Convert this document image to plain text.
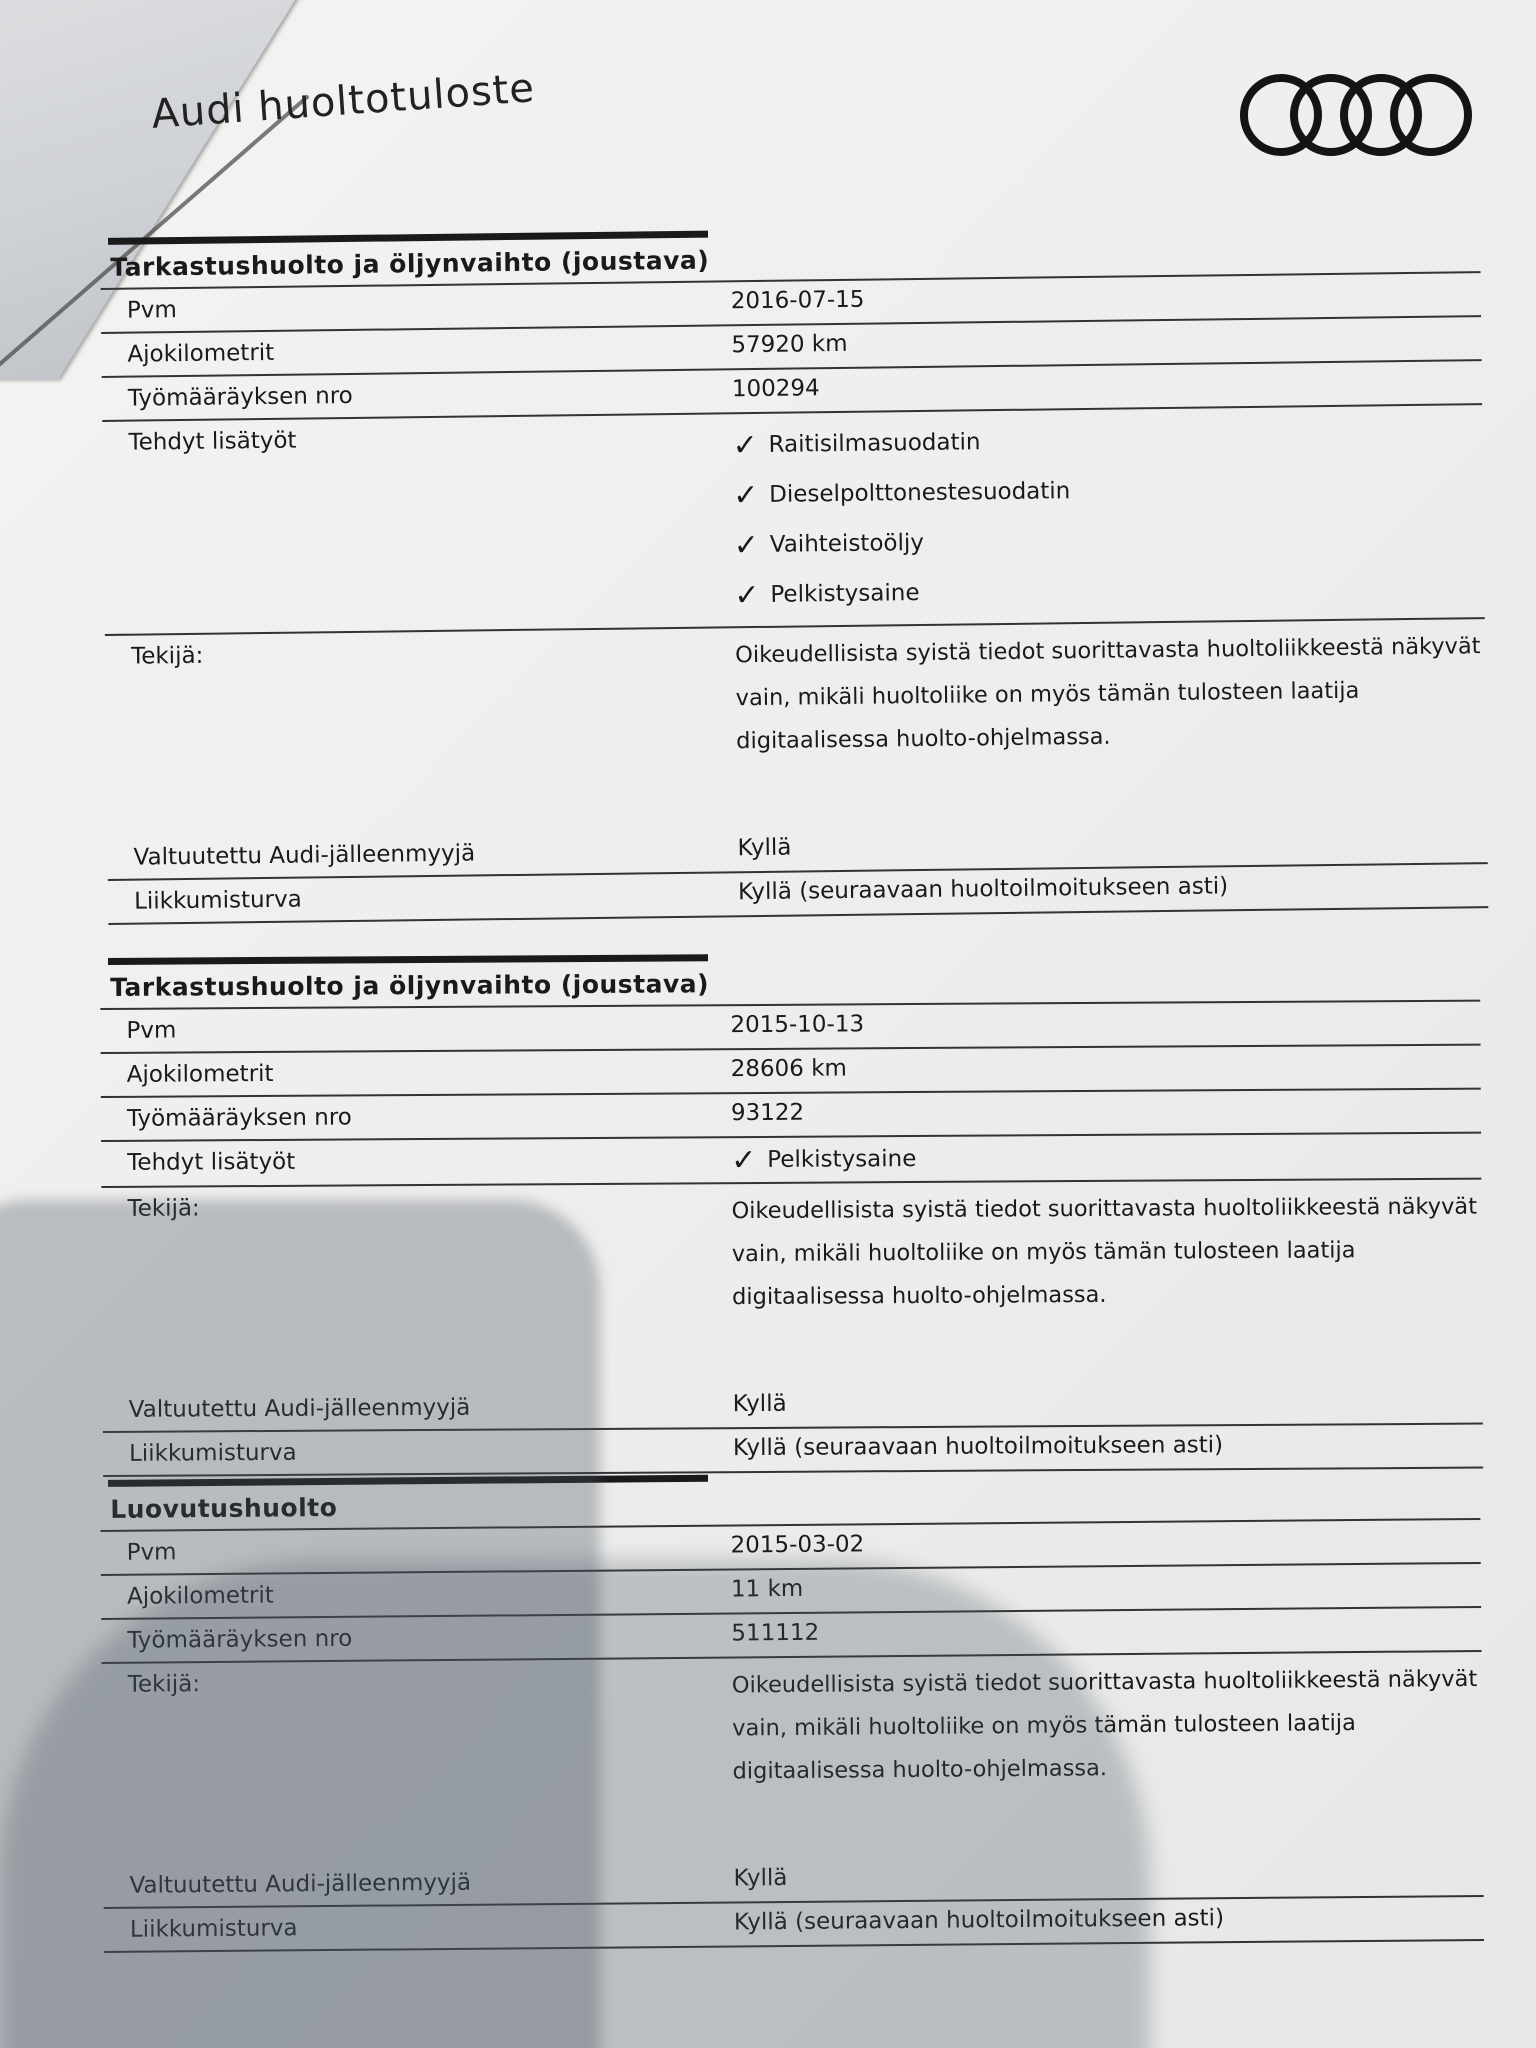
Audi huoltotuloste
Tarkastushuolto ja öljynvaihto (joustava)
Pvm	2016-07-15
Ajokilometrit	57920 km
Työmääräyksen nro	100294
Tehdyt lisätyöt	✓ Raitisilmasuodatin
✓ Dieselpolttonestesuodatin
✓ Vaihteistoöljy
✓ Pelkistysaine
Tekijä:	Oikeudellisista syistä tiedot suorittavasta huoltoliikkeestä näkyvät vain, mikäli huoltoliike on myös tämän tulosteen laatija digitaalisessa huolto-ohjelmassa.
Valtuutettu Audi-jälleenmyyjä	Kyllä
Liikkumisturva	Kyllä (seuraavaan huoltoilmoitukseen asti)
Tarkastushuolto ja öljynvaihto (joustava)
Pvm	2015-10-13
Ajokilometrit	28606 km
Työmääräyksen nro	93122
Tehdyt lisätyöt	✓ Pelkistysaine
Tekijä:	Oikeudellisista syistä tiedot suorittavasta huoltoliikkeestä näkyvät vain, mikäli huoltoliike on myös tämän tulosteen laatija digitaalisessa huolto-ohjelmassa.
Valtuutettu Audi-jälleenmyyjä	Kyllä
Liikkumisturva	Kyllä (seuraavaan huoltoilmoitukseen asti)
Luovutushuolto
Pvm	2015-03-02
Ajokilometrit	11 km
Työmääräyksen nro	511112
Tekijä:	Oikeudellisista syistä tiedot suorittavasta huoltoliikkeestä näkyvät vain, mikäli huoltoliike on myös tämän tulosteen laatija digitaalisessa huolto-ohjelmassa.
Valtuutettu Audi-jälleenmyyjä	Kyllä
Liikkumisturva	Kyllä (seuraavaan huoltoilmoitukseen asti)
